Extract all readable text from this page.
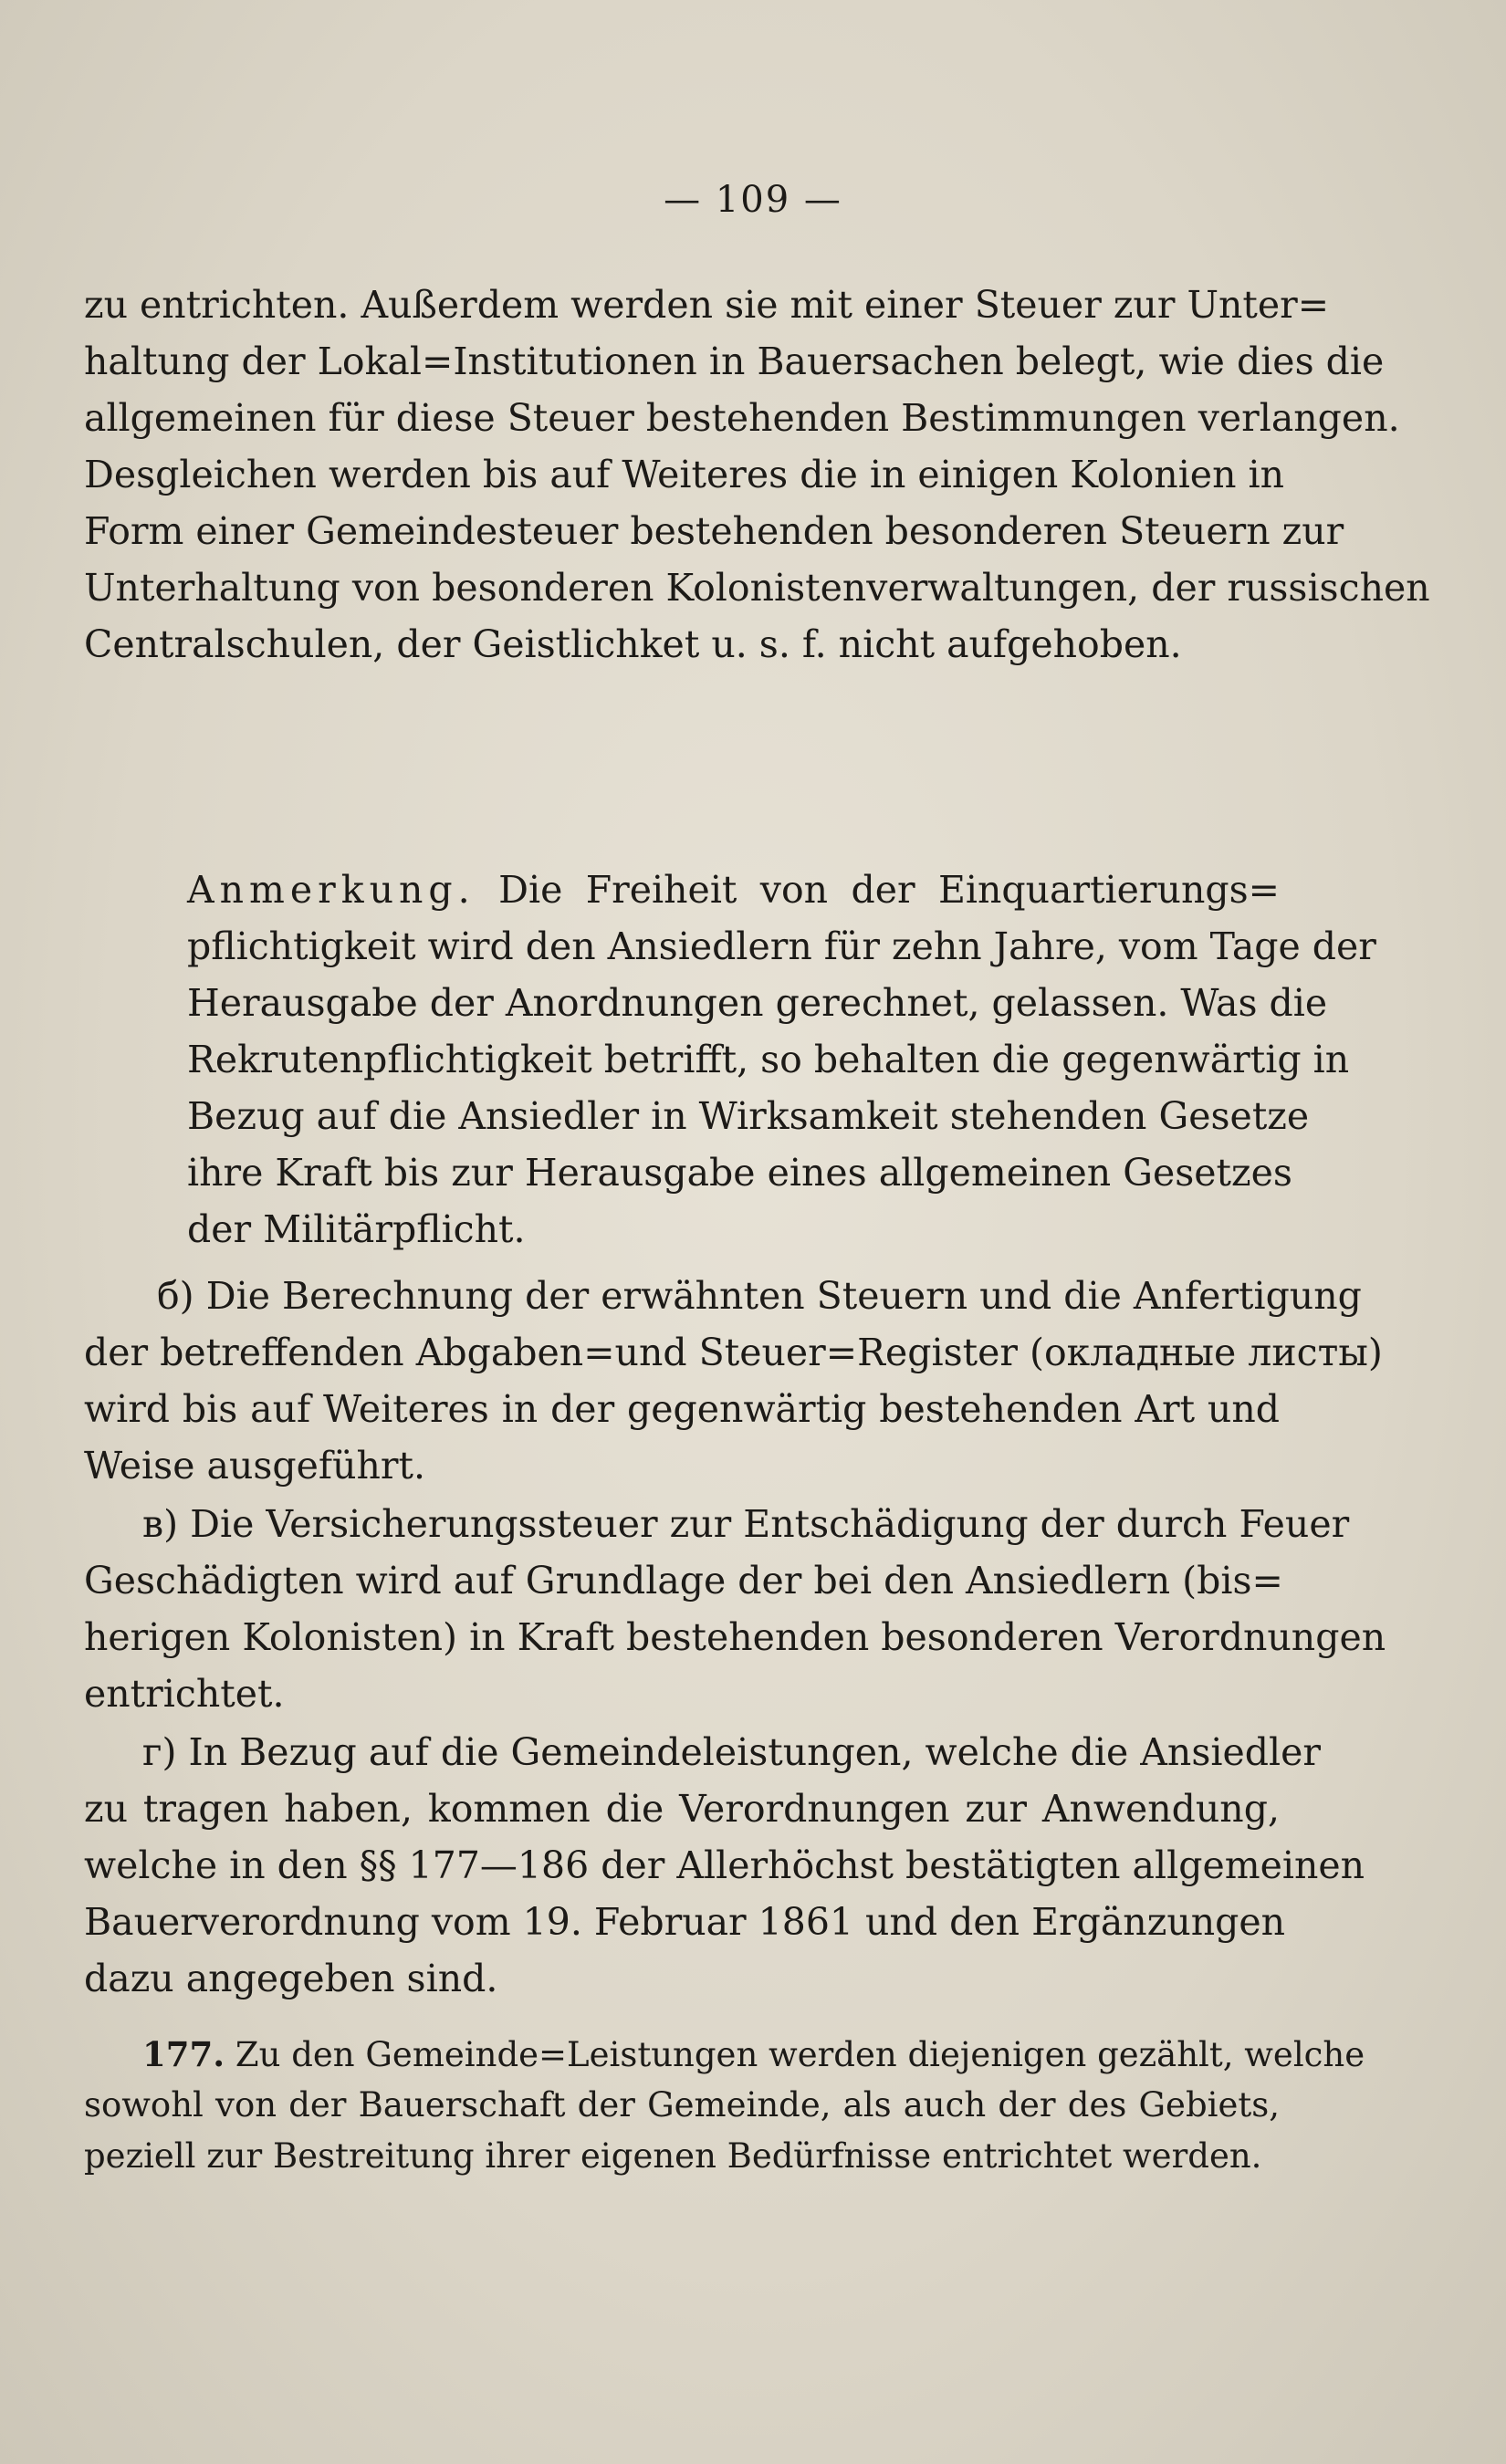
— 109 —
zu entrichten. Außerdem werden sie mit einer Steuer zur Unter=
haltung der Lokal=Institutionen in Bauersachen belegt, wie dies die
allgemeinen für diese Steuer bestehenden Bestimmungen verlangen.
Desgleichen werden bis auf Weiteres die in einigen Kolonien in
Form einer Gemeindesteuer bestehenden besonderen Steuern zur
Unterhaltung von besonderen Kolonistenverwaltungen, der russischen
Centralschulen, der Geistlichket u. s. f. nicht aufgehoben.
Anmerkung. Die Freiheit von der Einquartierungs=
pflichtigkeit wird den Ansiedlern für zehn Jahre, vom Tage der
Herausgabe der Anordnungen gerechnet, gelassen. Was die
Rekrutenpflichtigkeit betrifft, so behalten die gegenwärtig in
Bezug auf die Ansiedler in Wirksamkeit stehenden Gesetze
ihre Kraft bis zur Herausgabe eines allgemeinen Gesetzes
der Militärpflicht.
б) Die Berechnung der erwähnten Steuern und die Anfertigung
der betreffenden Abgaben=und Steuer=Register (окладные листы)
wird bis auf Weiteres in der gegenwärtig bestehenden Art und
Weise ausgeführt.
в) Die Versicherungssteuer zur Entschädigung der durch Feuer
Geschädigten wird auf Grundlage der bei den Ansiedlern (bis=
herigen Kolonisten) in Kraft bestehenden besonderen Verordnungen
entrichtet.
г) In Bezug auf die Gemeindeleistungen, welche die Ansiedler
zu tragen haben, kommen die Verordnungen zur Anwendung,
welche in den §§ 177—186 der Allerhöchst bestätigten allgemeinen
Bauerverordnung vom 19. Februar 1861 und den Ergänzungen
dazu angegeben sind.
177. Zu den Gemeinde=Leistungen werden diejenigen gezählt, welche
sowohl von der Bauerschaft der Gemeinde, als auch der des Gebiets,
pezi​ell zur Bestreitung ihrer eigenen Bedürfnisse entrichtet werden.
